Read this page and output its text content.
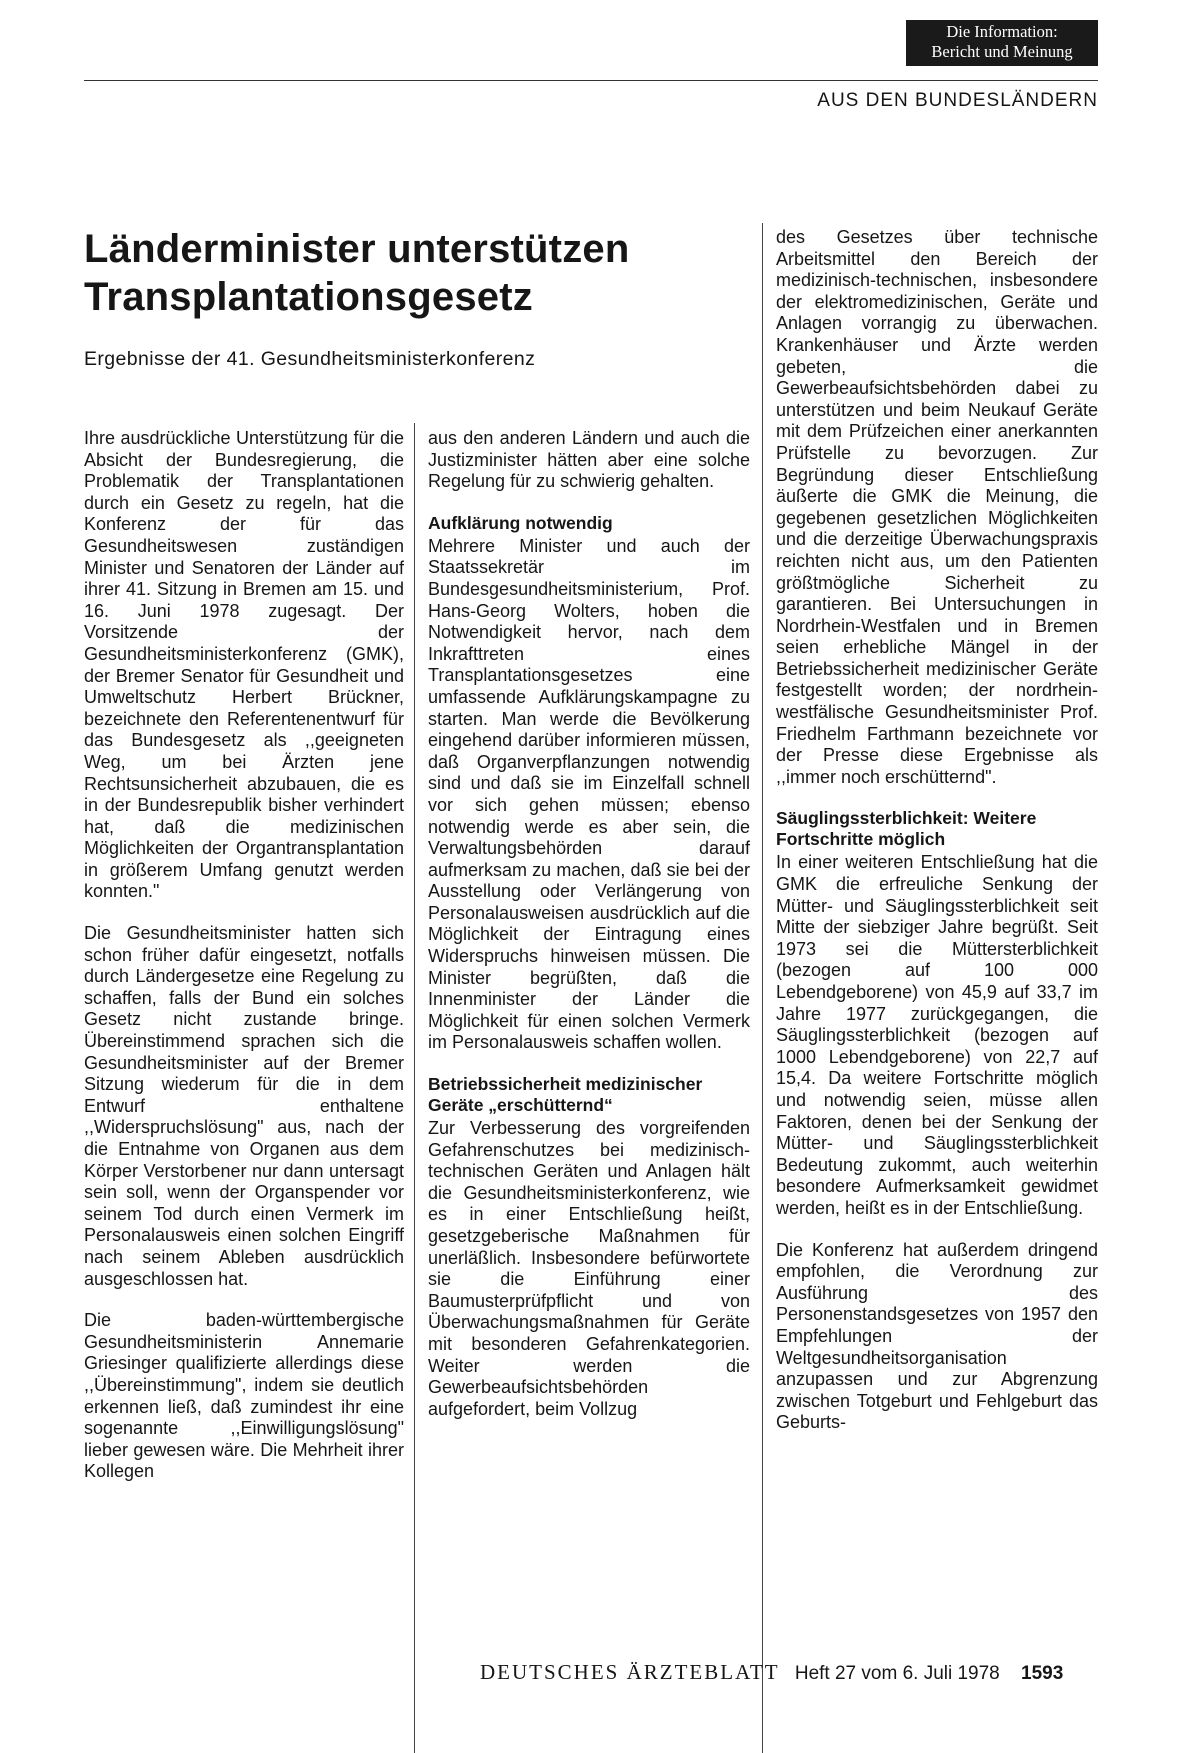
Die Information:
Bericht und Meinung
AUS DEN BUNDESLÄNDERN
Länderminister unterstützen
Transplantationsgesetz

Ergebnisse der 41. Gesundheitsministerkonferenz

Ihre ausdrückliche Unterstützung für die Absicht der Bundesregierung, die Problematik der Transplantationen durch ein Gesetz zu regeln, hat die Konferenz der für das Gesundheitswesen zuständigen Minister und Senatoren der Länder auf ihrer 41. Sitzung in Bremen am 15. und 16. Juni 1978 zugesagt. Der Vorsitzende der Gesundheitsministerkonferenz (GMK), der Bremer Senator für Gesundheit und Umweltschutz Herbert Brückner, bezeichnete den Referentenentwurf für das Bundesgesetz als ,,geeigneten Weg, um bei Ärzten jene Rechtsunsicherheit abzubauen, die es in der Bundesrepublik bisher verhindert hat, daß die medizinischen Möglichkeiten der Organtransplantation in größerem Umfang genutzt werden konnten."

Die Gesundheitsminister hatten sich schon früher dafür eingesetzt, notfalls durch Ländergesetze eine Regelung zu schaffen, falls der Bund ein solches Gesetz nicht zustande bringe. Übereinstimmend sprachen sich die Gesundheitsminister auf der Bremer Sitzung wiederum für die in dem Entwurf enthaltene ,,Widerspruchslösung" aus, nach der die Entnahme von Organen aus dem Körper Verstorbener nur dann untersagt sein soll, wenn der Organspender vor seinem Tod durch einen Vermerk im Personalausweis einen solchen Eingriff nach seinem Ableben ausdrücklich ausgeschlossen hat.

Die baden-württembergische Gesundheitsministerin Annemarie Griesinger qualifizierte allerdings diese ,,Übereinstimmung", indem sie deutlich erkennen ließ, daß zumindest ihr eine sogenannte ,,Einwilligungslösung" lieber gewesen wäre. Die Mehrheit ihrer Kollegen

aus den anderen Ländern und auch die Justizminister hätten aber eine solche Regelung für zu schwierig gehalten.

Aufklärung notwendig

Mehrere Minister und auch der Staatssekretär im Bundesgesundheitsministerium, Prof. Hans-Georg Wolters, hoben die Notwendigkeit hervor, nach dem Inkrafttreten eines Transplantationsgesetzes eine umfassende Aufklärungskampagne zu starten. Man werde die Bevölkerung eingehend darüber informieren müssen, daß Organverpflanzungen notwendig sind und daß sie im Einzelfall schnell vor sich gehen müssen; ebenso notwendig werde es aber sein, die Verwaltungsbehörden darauf aufmerksam zu machen, daß sie bei der Ausstellung oder Verlängerung von Personalausweisen ausdrücklich auf die Möglichkeit der Eintragung eines Widerspruchs hinweisen müssen. Die Minister begrüßten, daß die Innenminister der Länder die Möglichkeit für einen solchen Vermerk im Personalausweis schaffen wollen.

Betriebssicherheit medizinischer Geräte „erschütternd“

Zur Verbesserung des vorgreifenden Gefahrenschutzes bei medizinisch-technischen Geräten und Anlagen hält die Gesundheitsministerkonferenz, wie es in einer Entschließung heißt, gesetzgeberische Maßnahmen für unerläßlich. Insbesondere befürwortete sie die Einführung einer Baumusterprüfpflicht und von Überwachungsmaßnahmen für Geräte mit besonderen Gefahrenkategorien. Weiter werden die Gewerbeaufsichtsbehörden aufgefordert, beim Vollzug

des Gesetzes über technische Arbeitsmittel den Bereich der medizinisch-technischen, insbesondere der elektromedizinischen, Geräte und Anlagen vorrangig zu überwachen. Krankenhäuser und Ärzte werden gebeten, die Gewerbeaufsichtsbehörden dabei zu unterstützen und beim Neukauf Geräte mit dem Prüfzeichen einer anerkannten Prüfstelle zu bevorzugen. Zur Begründung dieser Entschließung äußerte die GMK die Meinung, die gegebenen gesetzlichen Möglichkeiten und die derzeitige Überwachungspraxis reichten nicht aus, um den Patienten größtmögliche Sicherheit zu garantieren. Bei Untersuchungen in Nordrhein-Westfalen und in Bremen seien erhebliche Mängel in der Betriebssicherheit medizinischer Geräte festgestellt worden; der nordrhein-westfälische Gesundheitsminister Prof. Friedhelm Farthmann bezeichnete vor der Presse diese Ergebnisse als ,,immer noch erschütternd".

Säuglingssterblichkeit: Weitere Fortschritte möglich

In einer weiteren Entschließung hat die GMK die erfreuliche Senkung der Mütter- und Säuglingssterblichkeit seit Mitte der siebziger Jahre begrüßt. Seit 1973 sei die Müttersterblichkeit (bezogen auf 100 000 Lebendgeborene) von 45,9 auf 33,7 im Jahre 1977 zurückgegangen, die Säuglingssterblichkeit (bezogen auf 1000 Lebendgeborene) von 22,7 auf 15,4. Da weitere Fortschritte möglich und notwendig seien, müsse allen Faktoren, denen bei der Senkung der Mütter- und Säuglingssterblichkeit Bedeutung zukommt, auch weiterhin besondere Aufmerksamkeit gewidmet werden, heißt es in der Entschließung.

Die Konferenz hat außerdem dringend empfohlen, die Verordnung zur Ausführung des Personenstandsgesetzes von 1957 den Empfehlungen der Weltgesundheitsorganisation anzupassen und zur Abgrenzung zwischen Totgeburt und Fehlgeburt das Geburts-

DEUTSCHES ÄRZTEBLATT Heft 27 vom 6. Juli 1978 1593
